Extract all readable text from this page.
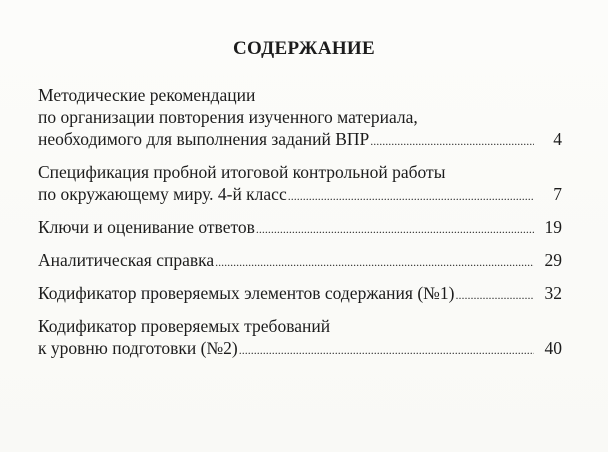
СОДЕРЖАНИЕ
Методические рекомендации
по организации повторения изученного материала,
необходимого для выполнения заданий ВПР .....	4
Спецификация пробной итоговой контрольной работы
по окружающему миру. 4-й класс .....	7
Ключи и оценивание ответов .....	19
Аналитическая справка .....	29
Кодификатор проверяемых элементов содержания (№1) .....	32
Кодификатор проверяемых требований
к уровню подготовки (№2) .....	40
